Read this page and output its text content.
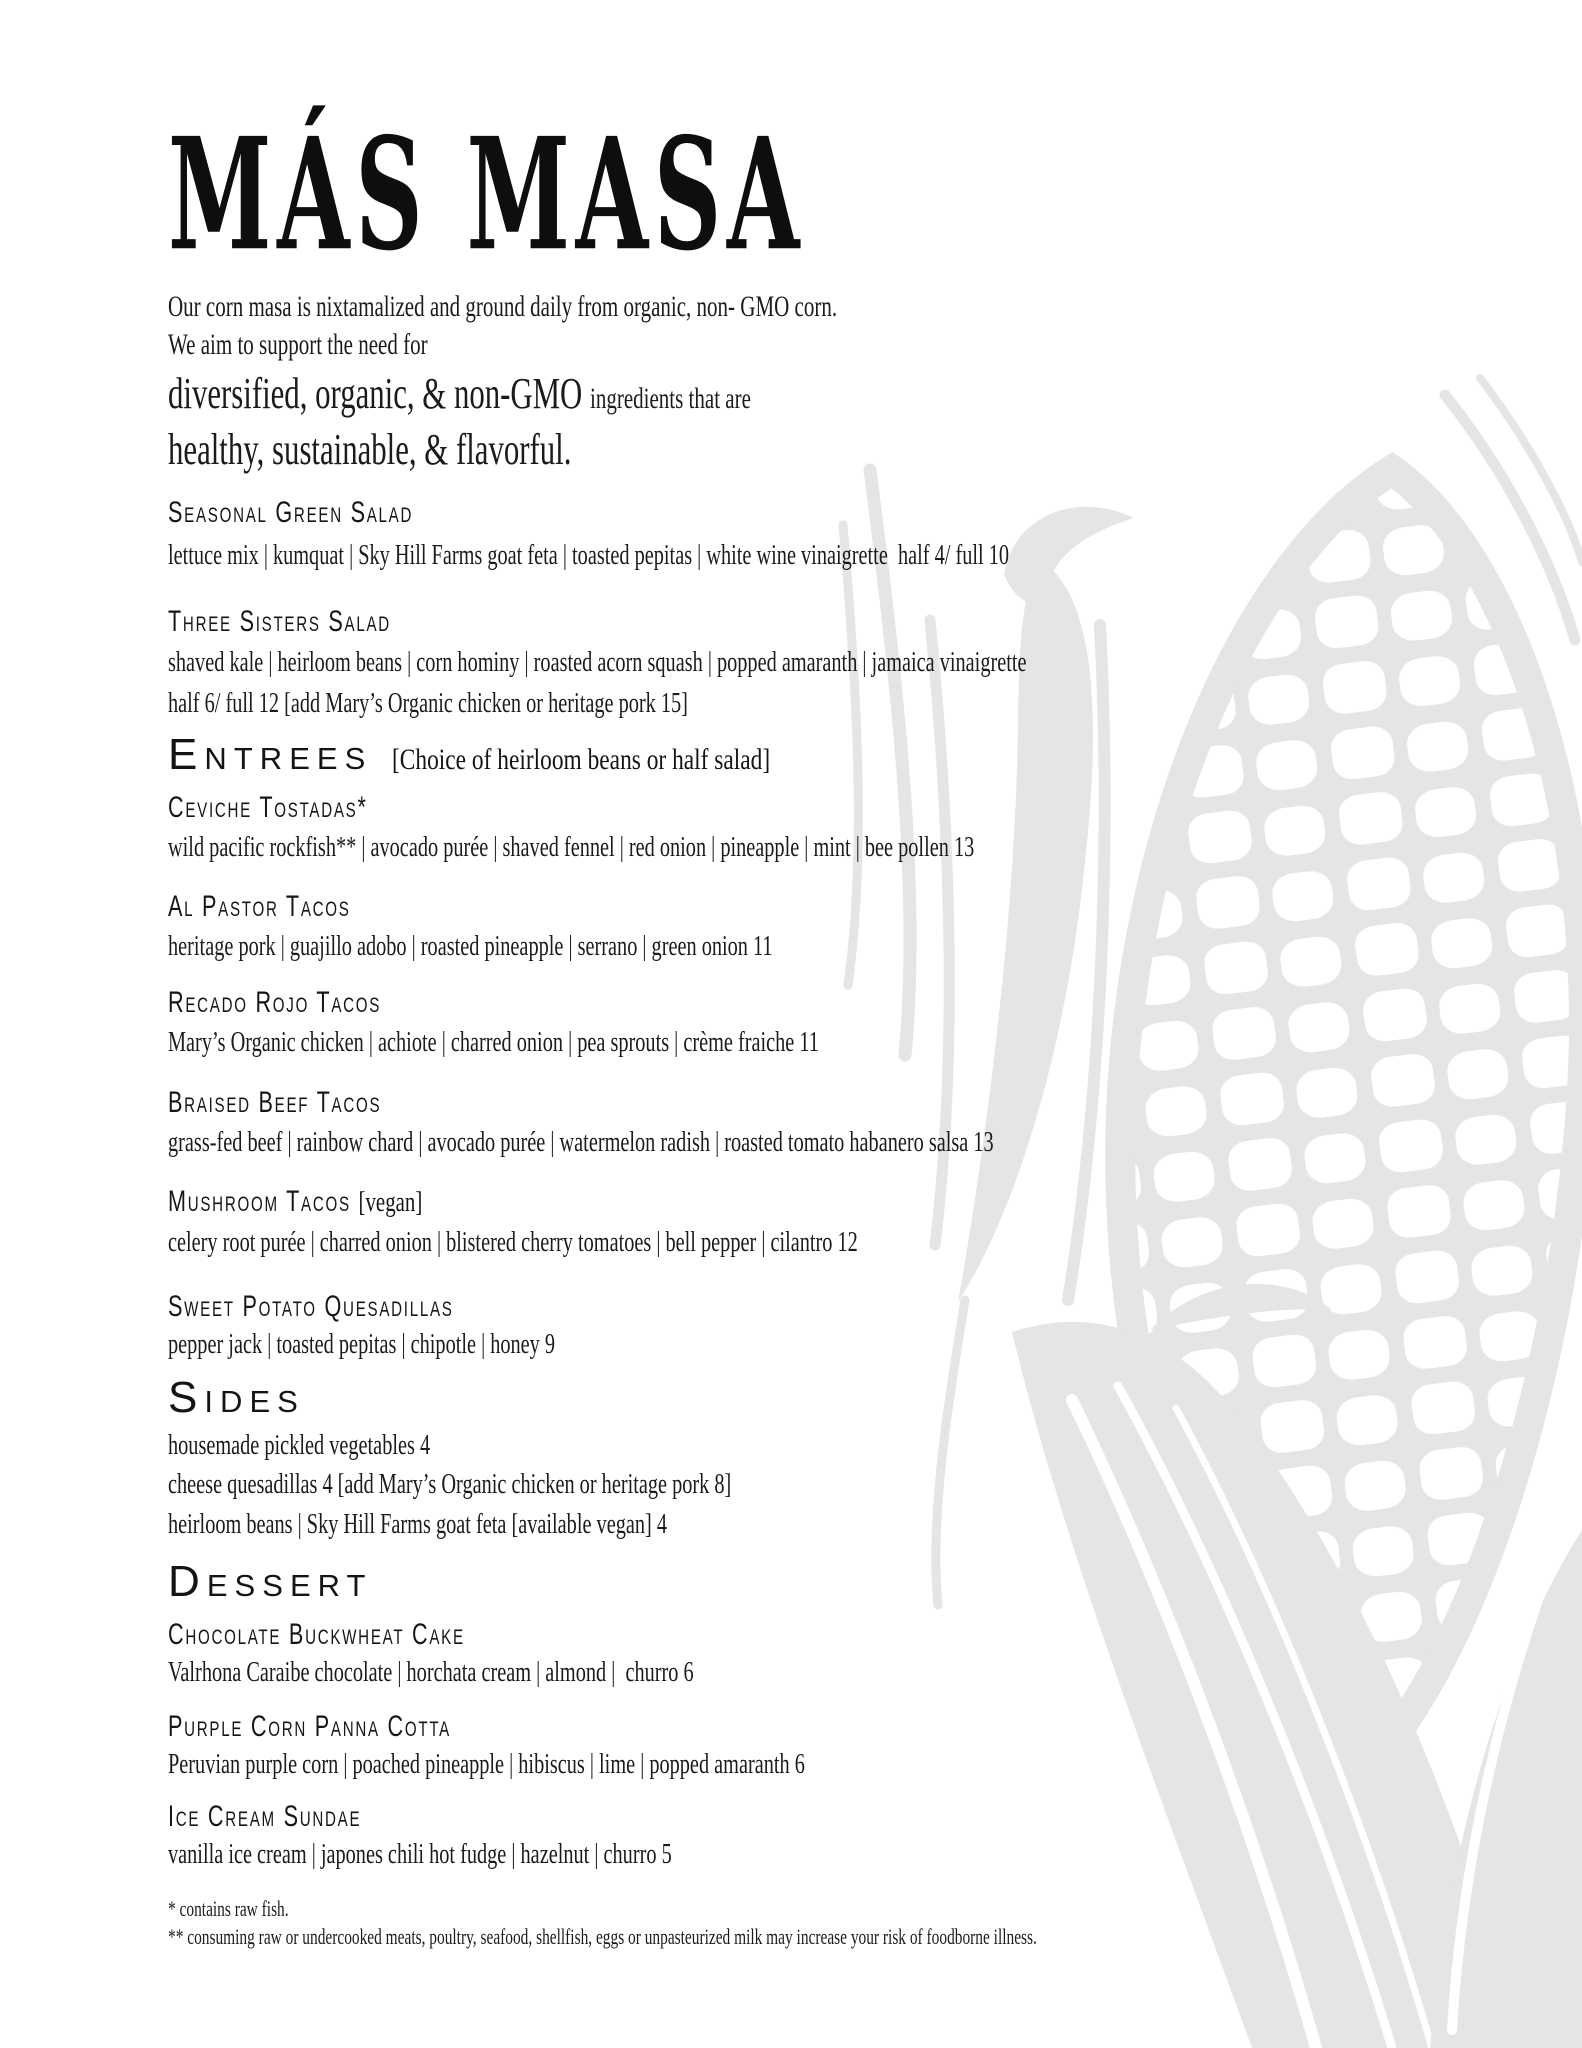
MÁS MASA
Our corn masa is nixtamalized and ground daily from organic, non- GMO corn.
We aim to support the need for
diversified, organic, & non-GMO ingredients that are
healthy, sustainable, & flavorful.
Seasonal Green Salad
lettuce mix | kumquat | Sky Hill Farms goat feta | toasted pepitas | white wine vinaigrette  half 4/ full 10
Three Sisters Salad
shaved kale | heirloom beans | corn hominy | roasted acorn squash | popped amaranth | jamaica vinaigrette
half 6/ full 12 [add Mary’s Organic chicken or heritage pork 15]
Entrees [Choice of heirloom beans or half salad]
Ceviche Tostadas*
wild pacific rockfish** | avocado purée | shaved fennel | red onion | pineapple | mint | bee pollen 13
Al Pastor Tacos
heritage pork | guajillo adobo | roasted pineapple | serrano | green onion 11
Recado Rojo Tacos
Mary’s Organic chicken | achiote | charred onion | pea sprouts | crème fraiche 11
Braised Beef Tacos
grass-fed beef | rainbow chard | avocado purée | watermelon radish | roasted tomato habanero salsa 13
Mushroom Tacos [vegan]
celery root purée | charred onion | blistered cherry tomatoes | bell pepper | cilantro 12
Sweet Potato Quesadillas
pepper jack | toasted pepitas | chipotle | honey 9
Sides
housemade pickled vegetables 4
cheese quesadillas 4 [add Mary’s Organic chicken or heritage pork 8]
heirloom beans | Sky Hill Farms goat feta [available vegan] 4
Dessert
Chocolate Buckwheat Cake
Valrhona Caraibe chocolate | horchata cream | almond |  churro 6
Purple Corn Panna Cotta
Peruvian purple corn | poached pineapple | hibiscus | lime | popped amaranth 6
Ice Cream Sundae
vanilla ice cream | japones chili hot fudge | hazelnut | churro 5
* contains raw fish.
** consuming raw or undercooked meats, poultry, seafood, shellfish, eggs or unpasteurized milk may increase your risk of foodborne illness.
